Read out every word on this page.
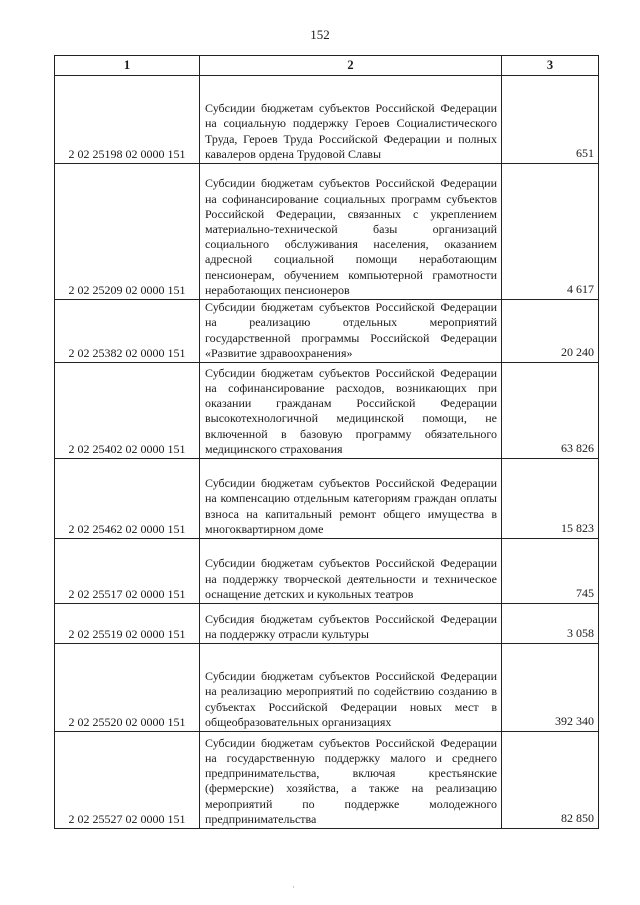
152
1	2	3
2 02 25198 02 0000 151	Субсидии бюджетам субъектов Российской Федерации на социальную поддержку Героев Социалистического Труда, Героев Труда Российской Федерации и полных кавалеров ордена Трудовой Славы	651
2 02 25209 02 0000 151	Субсидии бюджетам субъектов Российской Федерации на софинансирование социальных программ субъектов Российской Федерации, связанных с укреплением материально-технической базы организаций социального обслуживания населения, оказанием адресной социальной помощи неработающим пенсионерам, обучением компьютерной грамотности неработающих пенсионеров	4 617
2 02 25382 02 0000 151	Субсидии бюджетам субъектов Российской Федерации на реализацию отдельных мероприятий государственной программы Российской Федерации «Развитие здравоохранения»	20 240
2 02 25402 02 0000 151	Субсидии бюджетам субъектов Российской Федерации на софинансирование расходов, возникающих при оказании гражданам Российской Федерации высокотехнологичной медицинской помощи, не включенной в базовую программу обязательного медицинского страхования	63 826
2 02 25462 02 0000 151	Субсидии бюджетам субъектов Российской Федерации на компенсацию отдельным категориям граждан оплаты взноса на капитальный ремонт общего имущества в многоквартирном доме	15 823
2 02 25517 02 0000 151	Субсидии бюджетам субъектов Российской Федерации на поддержку творческой деятельности и техническое оснащение детских и кукольных театров	745
2 02 25519 02 0000 151	Субсидия бюджетам субъектов Российской Федерации на поддержку отрасли культуры	3 058
2 02 25520 02 0000 151	Субсидии бюджетам субъектов Российской Федерации на реализацию мероприятий по содействию созданию в субъектах Российской Федерации новых мест в общеобразовательных организациях	392 340
2 02 25527 02 0000 151	Субсидии бюджетам субъектов Российской Федерации на государственную поддержку малого и среднего предпринимательства, включая крестьянские (фермерские) хозяйства, а также на реализацию мероприятий по поддержке молодежного предпринимательства	82 850
·
